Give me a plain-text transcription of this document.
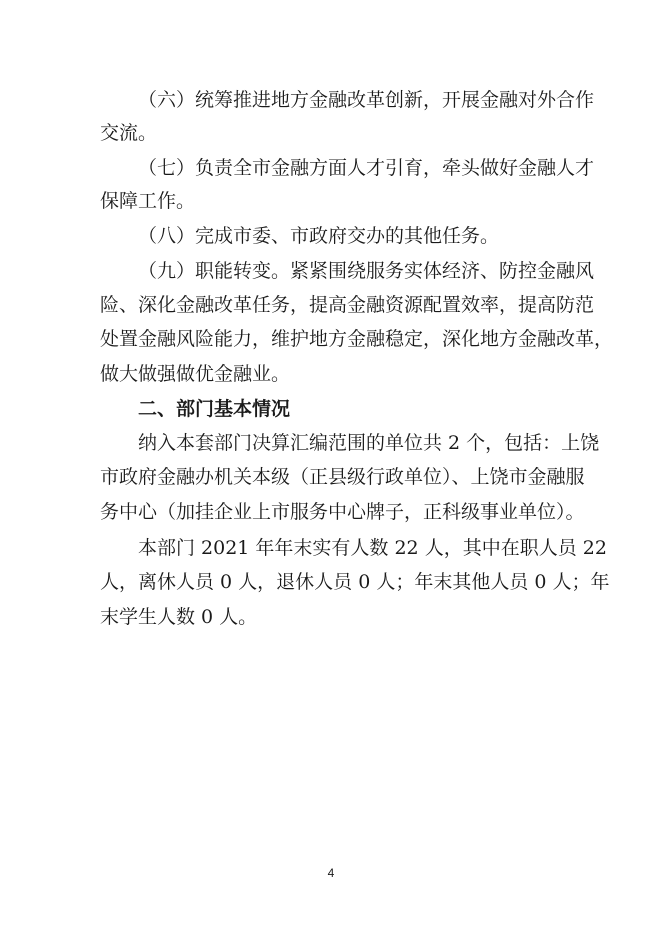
（六）统筹推进地方金融改革创新，开展金融对外合作
交流。
（七）负责全市金融方面人才引育，牵头做好金融人才
保障工作。
（八）完成市委、市政府交办的其他任务。
（九）职能转变。紧紧围绕服务实体经济、防控金融风
险、深化金融改革任务，提高金融资源配置效率，提高防范
处置金融风险能力，维护地方金融稳定，深化地方金融改革，
做大做强做优金融业。
二、部门基本情况
纳入本套部门决算汇编范围的单位共 2 个，包括：上饶
市政府金融办机关本级（正县级行政单位）、上饶市金融服
务中心（加挂企业上市服务中心牌子，正科级事业单位）。
本部门 2021 年年末实有人数 22 人，其中在职人员 22
人，离休人员 0 人，退休人员 0 人；年末其他人员 0 人；年
末学生人数 0 人。
4
